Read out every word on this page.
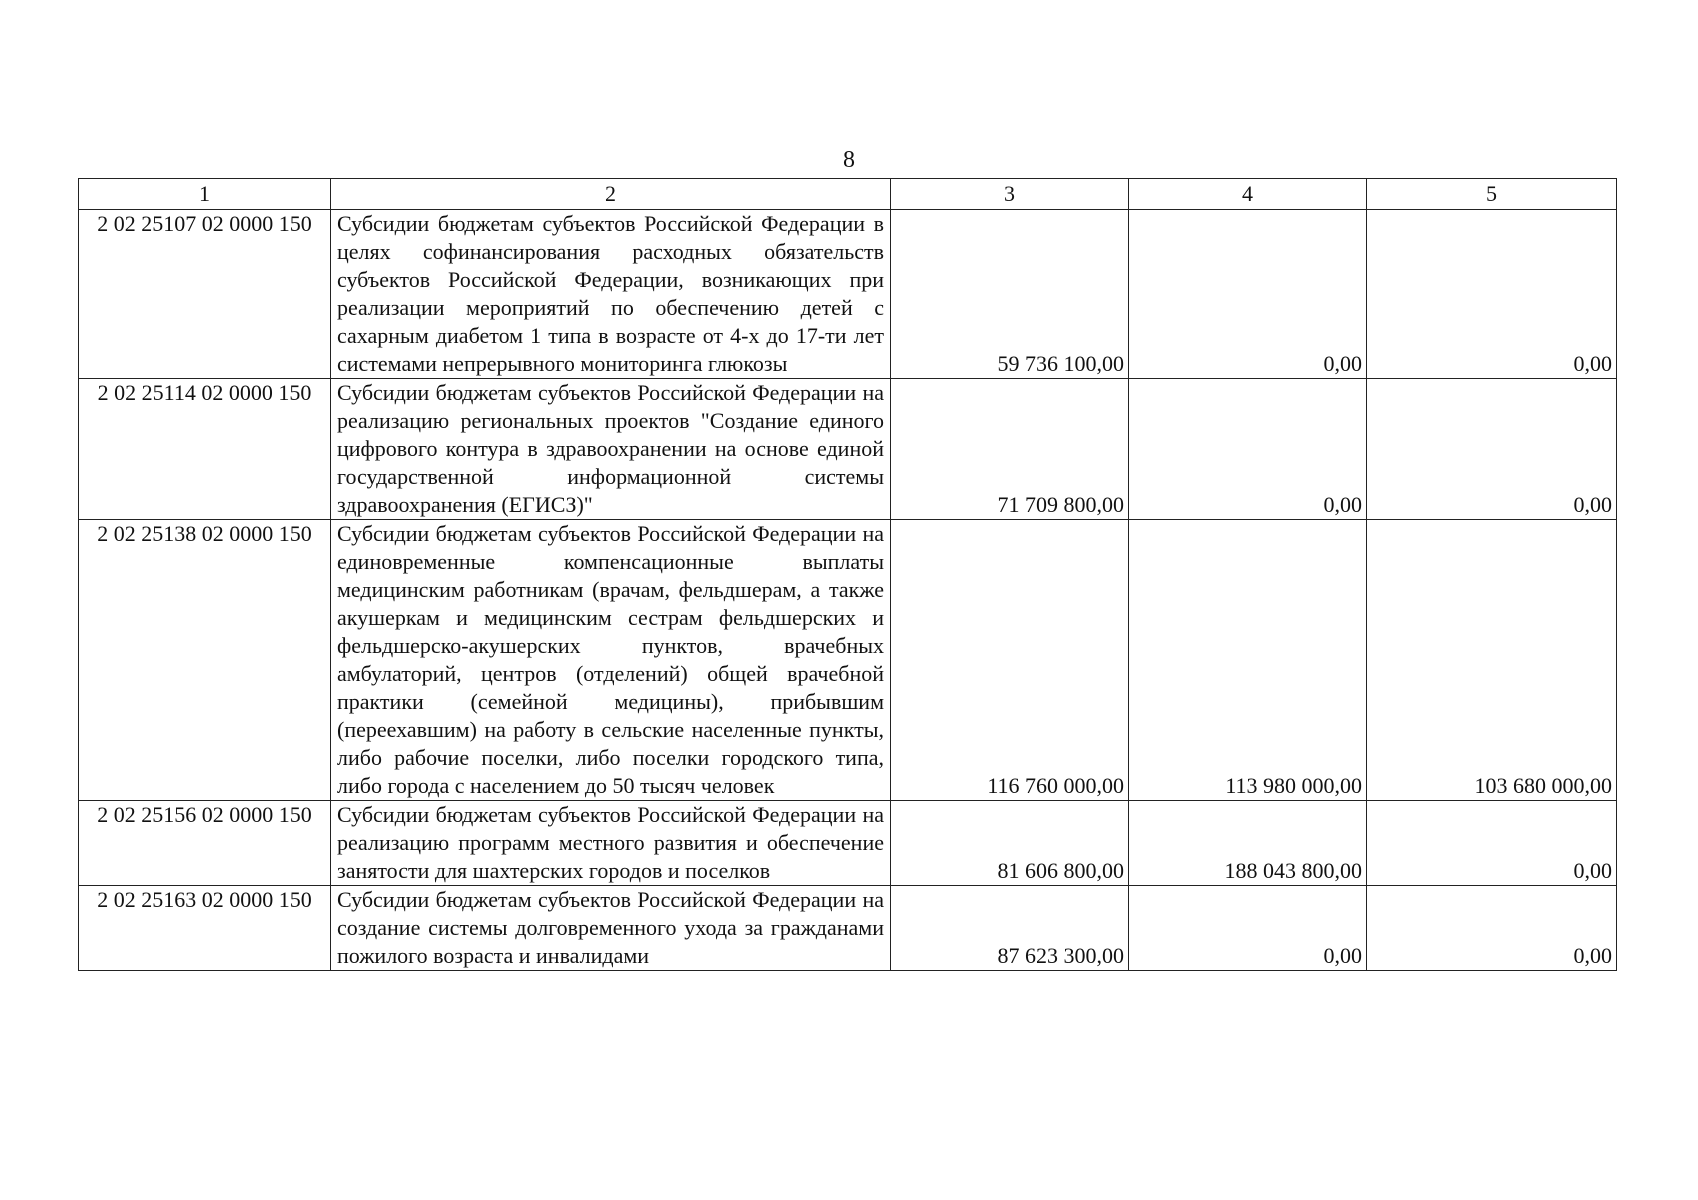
8
1	2	3	4	5
2 02 25107 02 0000 150	Субсидии бюджетам субъектов Российской Федерации в целях софинансирования расходных обязательств субъектов Российской Федерации, возникающих при реализации мероприятий по обеспечению детей с сахарным диабетом 1 типа в возрасте от 4-х до 17-ти лет системами непрерывного мониторинга глюкозы	59 736 100,00	0,00	0,00
2 02 25114 02 0000 150	Субсидии бюджетам субъектов Российской Федерации на реализацию региональных проектов "Создание единого цифрового контура в здравоохранении на основе единой государственной информационной системы здравоохранения (ЕГИСЗ)"	71 709 800,00	0,00	0,00
2 02 25138 02 0000 150	Субсидии бюджетам субъектов Российской Федерации на единовременные компенсационные выплаты медицинским работникам (врачам, фельдшерам, а также акушеркам и медицинским сестрам фельдшерских и фельдшерско-акушерских пунктов, врачебных амбулаторий, центров (отделений) общей врачебной практики (семейной медицины), прибывшим (переехавшим) на работу в сельские населенные пункты, либо рабочие поселки, либо поселки городского типа, либо города с населением до 50 тысяч человек	116 760 000,00	113 980 000,00	103 680 000,00
2 02 25156 02 0000 150	Субсидии бюджетам субъектов Российской Федерации на реализацию программ местного развития и обеспечение занятости для шахтерских городов и поселков	81 606 800,00	188 043 800,00	0,00
2 02 25163 02 0000 150	Субсидии бюджетам субъектов Российской Федерации на создание системы долговременного ухода за гражданами пожилого возраста и инвалидами	87 623 300,00	0,00	0,00
